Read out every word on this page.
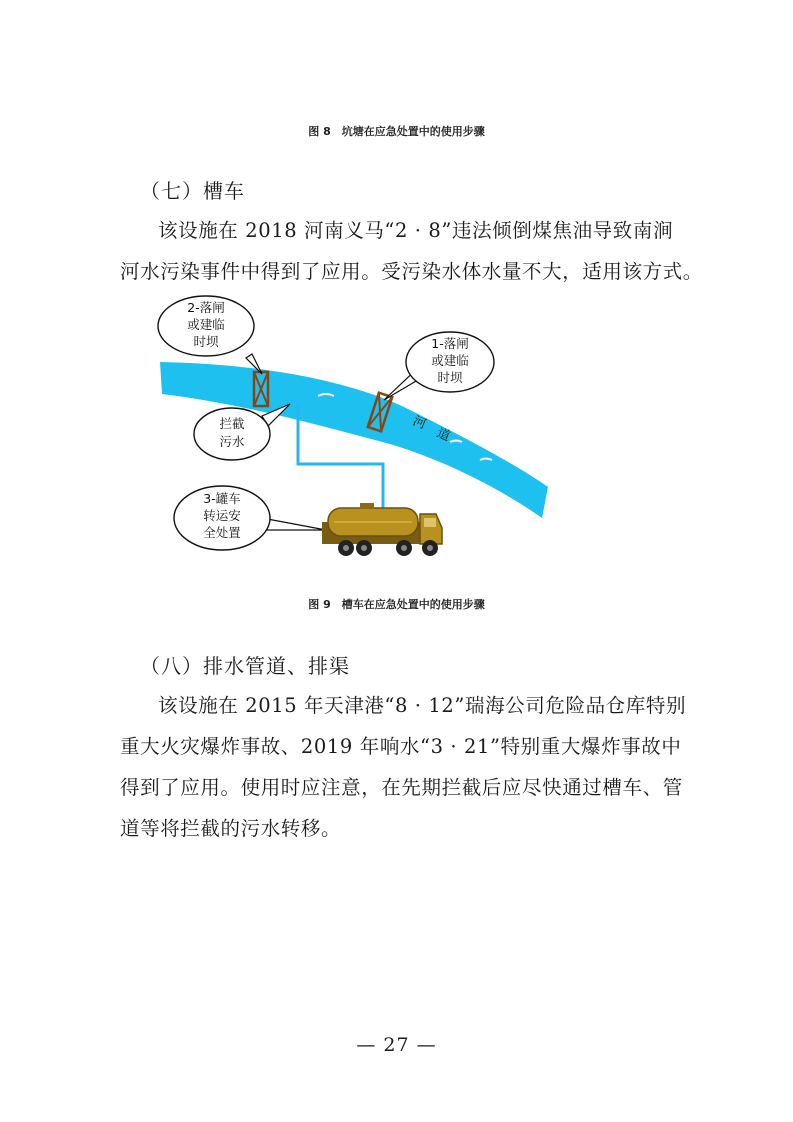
图 8　坑塘在应急处置中的使用步骤
（七）槽车
该设施在 2018 河南义马“2 · 8”违法倾倒煤焦油导致南涧
河水污染事件中得到了应用。受污染水体水量不大，适用该方式。
河
道
2-落闸
或建临
时坝	1-落闸
或建临
时坝
拦截
污水
3-罐车
转运安
全处置
图 9　槽车在应急处置中的使用步骤
（八）排水管道、排渠
该设施在 2015 年天津港“8 · 12”瑞海公司危险品仓库特别
重大火灾爆炸事故、2019 年响水“3 · 21”特别重大爆炸事故中
得到了应用。使用时应注意，在先期拦截后应尽快通过槽车、管
道等将拦截的污水转移。
— 27 —
